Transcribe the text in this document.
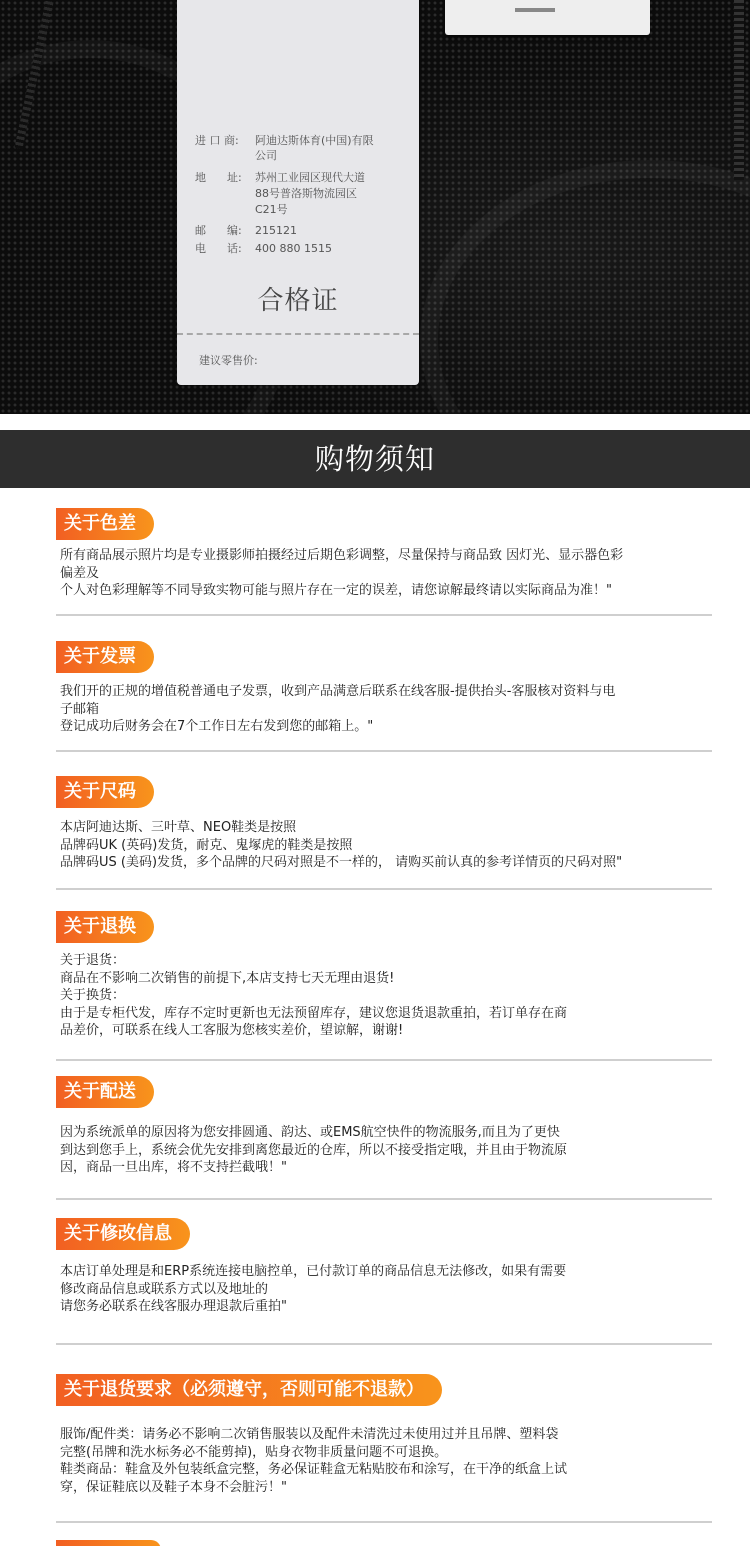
进 口 商: 阿迪达斯体育(中国)有限
公司
地      址: 苏州工业园区现代大道
88号普洛斯物流园区
C21号
邮      编: 215121
电      话: 400 880 1515
合格证
建议零售价:
购物须知
关于色差
所有商品展示照片均是专业摄影师拍摄经过后期色彩调整，尽量保持与商品致 因灯光、显示器色彩
偏差及
个人对色彩理解等不同导致实物可能与照片存在一定的误差，请您谅解最终请以实际商品为准！"
关于发票
我们开的正规的增值税普通电子发票，收到产品满意后联系在线客服-提供抬头-客服核对资料与电
子邮箱
登记成功后财务会在7个工作日左右发到您的邮箱上。"
关于尺码
本店阿迪达斯、三叶草、NEO鞋类是按照
品牌码UK (英码)发货，耐克、鬼塚虎的鞋类是按照
品牌码US (美码)发货，多个品牌的尺码对照是不一样的， 请购买前认真的参考详情页的尺码对照"
关于退换
关于退货：
商品在不影响二次销售的前提下,本店支持七天无理由退货!
关于换货：
由于是专柜代发，库存不定时更新也无法预留库存，建议您退货退款重拍，若订单存在商
品差价，可联系在线人工客服为您核实差价，望谅解，谢谢!
关于配送
因为系统派单的原因将为您安排圆通、韵达、或EMS航空快件的物流服务,而且为了更快
到达到您手上，系统会优先安排到离您最近的仓库，所以不接受指定哦，并且由于物流原
因，商品一旦出库，将不支持拦截哦！"
关于修改信息
本店订单处理是和ERP系统连接电脑控单，已付款订单的商品信息无法修改，如果有需要
修改商品信息或联系方式以及地址的
请您务必联系在线客服办理退款后重拍"
关于退货要求（必须遵守，否则可能不退款）
服饰/配件类：请务必不影响二次销售服装以及配件未清洗过未使用过并且吊牌、塑料袋
完整(吊牌和洗水标务必不能剪掉)，贴身衣物非质量问题不可退换。
鞋类商品：鞋盒及外包装纸盒完整，务必保证鞋盒无粘贴胶布和涂写，在干净的纸盒上试
穿，保证鞋底以及鞋子本身不会脏污！"
